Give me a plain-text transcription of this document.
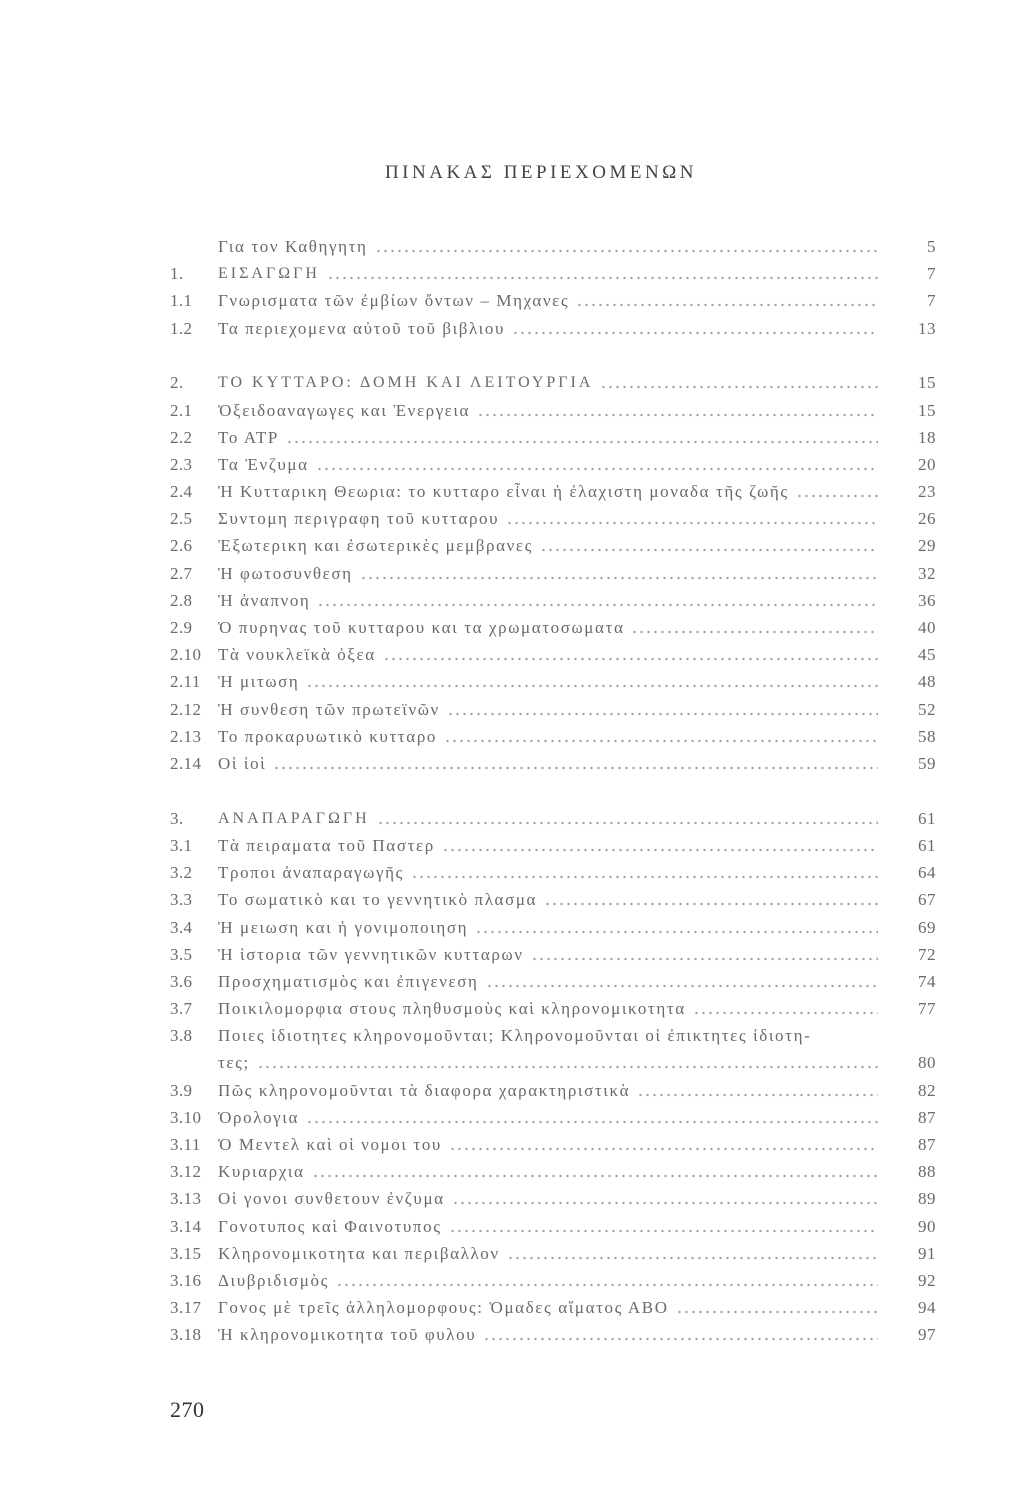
ΠΙΝΑΚΑΣ ΠΕΡΙΕΧΟΜΕΝΩΝ
Για τον Καθηγητη	5
1.	ΕΙΣΑΓΩΓΗ	7
1.1	Γνωρισματα τῶν ἐμβίων ὄντων – Μηχανες	7
1.2	Τα περιεχομενα αὐτοῦ τοῦ βιβλιου	13
2.	ΤΟ ΚΥΤΤΑΡΟ: ΔΟΜΗ ΚΑΙ ΛΕΙΤΟΥΡΓΙΑ	15
2.1	Ὀξειδοαναγωγες και Ἐνεργεια	15
2.2	Το ΑΤΡ	18
2.3	Τα Ἐνζυμα	20
2.4	Ἡ Κυτταρικη Θεωρια: το κυτταρο εἶναι ἡ ἐλαχιστη μοναδα τῆς ζωῆς	23
2.5	Συντομη περιγραφη τοῦ κυτταρου	26
2.6	Ἐξωτερικη και ἐσωτερικὲς μεμβρανες	29
2.7	Ἡ φωτοσυνθεση	32
2.8	Ἡ ἀναπνοη	36
2.9	Ὁ πυρηνας τοῦ κυτταρου και τα χρωματοσωματα	40
2.10 Τὰ νουκλεϊκὰ ὀξεα	45
2.11	Ἡ μιτωση	48
2.12 Ἡ συνθεση τῶν πρωτεϊνῶν	52
2.13 Το προκαρυωτικὸ κυτταρο	58
2.14 Οἱ ἰοὶ	59
3.	ΑΝΑΠΑΡΑΓΩΓΗ	61
3.1	Τὰ πειραματα τοῦ Παστερ	61
3.2	Τροποι ἀναπαραγωγῆς	64
3.3	Το σωματικὸ και το γεννητικὸ πλασμα	67
3.4	Ἡ μειωση και ἡ γονιμοποιηση	69
3.5	Ἡ ἱστορια τῶν γεννητικῶν κυτταρων	72
3.6	Προσχηματισμὸς και ἐπιγενεση	74
3.7	Ποικιλομορφια στους πληθυσμοὺς καὶ κληρονομικοτητα	77
3.8	Ποιες ἰδιοτητες κληρονομοῦνται; Κληρονομοῦνται οἱ ἐπικτητες ἰδιοτη-
τες;	80
3.9	Πῶς κληρονομοῦνται τὰ διαφορα χαρακτηριστικὰ	82
3.10 Ὁρολογια	87
3.11	Ὁ Μεντελ καὶ οἱ νομοι του	87
3.12 Κυριαρχια	88
3.13 Οἱ γονοι συνθετουν ἐνζυμα	89
3.14 Γονοτυπος καὶ Φαινοτυπος	90
3.15 Κληρονομικοτητα και περιβαλλον	91
3.16 Διυβριδισμὸς	92
3.17 Γονος μὲ τρεῖς ἀλληλομορφους: Ὁμαδες αἵματος ΑΒΟ	94
3.18 Ἡ κληρονομικοτητα τοῦ φυλου	97
270
